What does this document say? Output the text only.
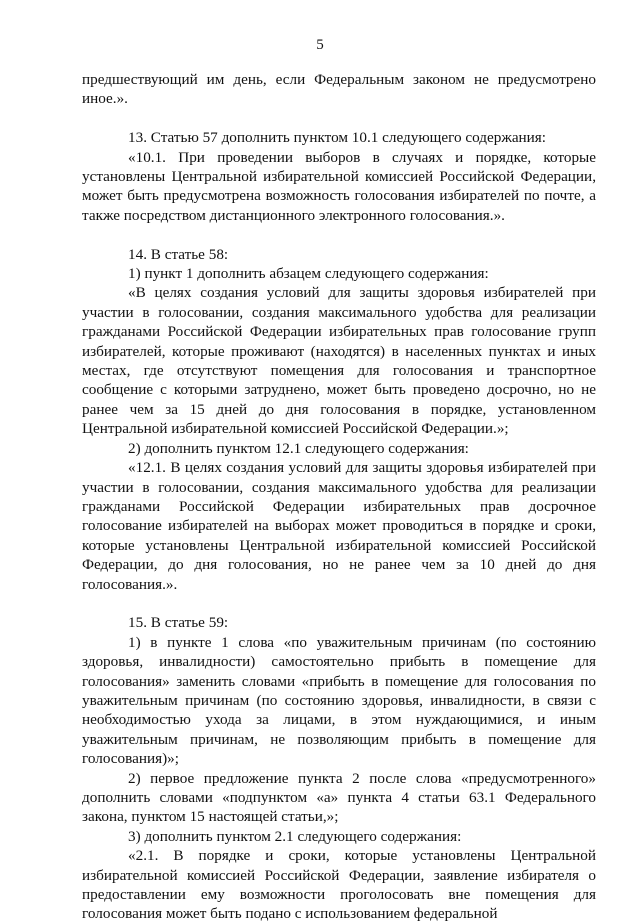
5

предшествующий им день, если Федеральным законом не предусмотрено иное.».

13. Статью 57 дополнить пунктом 10.1 следующего содержания:

«10.1. При проведении выборов в случаях и порядке, которые установлены Центральной избирательной комиссией Российской Федерации, может быть предусмотрена возможность голосования избирателей по почте, а также посредством дистанционного электронного голосования.».

14. В статье 58:

1) пункт 1 дополнить абзацем следующего содержания:

«В целях создания условий для защиты здоровья избирателей при участии в голосовании, создания максимального удобства для реализации гражданами Российской Федерации избирательных прав голосование групп избирателей, которые проживают (находятся) в населенных пунктах и иных местах, где отсутствуют помещения для голосования и транспортное сообщение с которыми затруднено, может быть проведено досрочно, но не ранее чем за 15 дней до дня голосования в порядке, установленном Центральной избирательной комиссией Российской Федерации.»;

2) дополнить пунктом 12.1 следующего содержания:

«12.1. В целях создания условий для защиты здоровья избирателей при участии в голосовании, создания максимального удобства для реализации гражданами Российской Федерации избирательных прав досрочное голосование избирателей на выборах может проводиться в порядке и сроки, которые установлены Центральной избирательной комиссией Российской Федерации, до дня голосования, но не ранее чем за 10 дней до дня голосования.».

15. В статье 59:

1) в пункте 1 слова «по уважительным причинам (по состоянию здоровья, инвалидности) самостоятельно прибыть в помещение для голосования» заменить словами «прибыть в помещение для голосования по уважительным причинам (по состоянию здоровья, инвалидности, в связи с необходимостью ухода за лицами, в этом нуждающимися, и иным уважительным причинам, не позволяющим прибыть в помещение для голосования)»;

2) первое предложение пункта 2 после слова «предусмотренного» дополнить словами «подпунктом «а» пункта 4 статьи 63.1 Федерального закона, пунктом 15 настоящей статьи,»;

3) дополнить пунктом 2.1 следующего содержания:

«2.1. В порядке и сроки, которые установлены Центральной избирательной комиссией Российской Федерации, заявление избирателя о предоставлении ему возможности проголосовать вне помещения для голосования может быть подано с использованием федеральной
